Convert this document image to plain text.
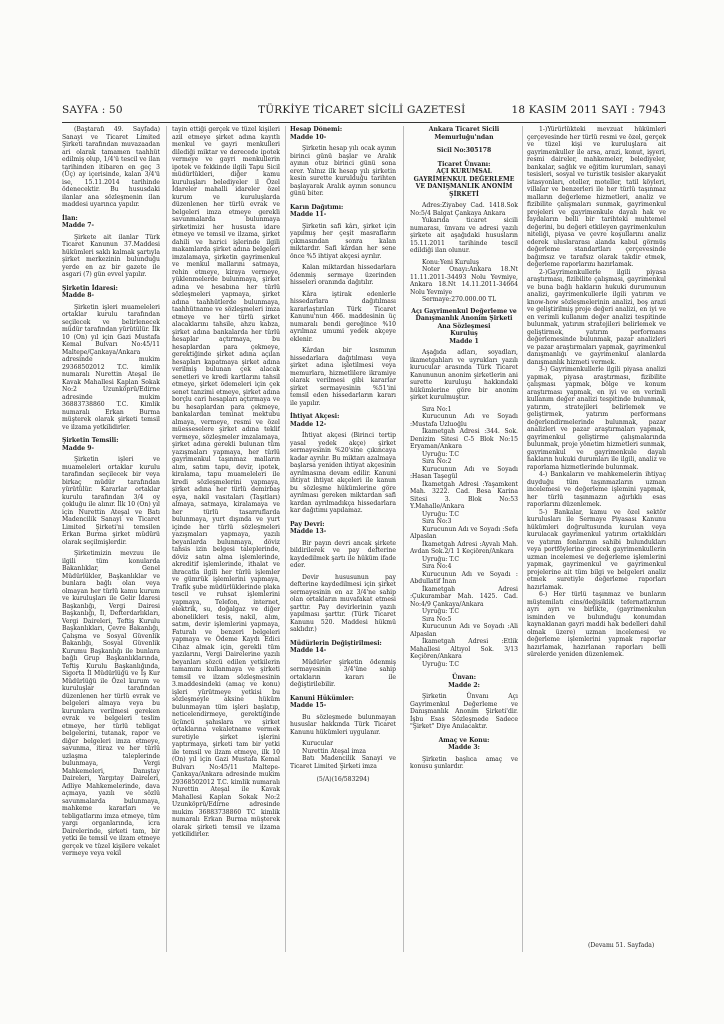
SAYFA : 50	TÜRKİYE TİCARET SİCİLİ GAZETESİ	18 KASIM 2011 SAYI : 7943

(Baştarafı 49. Sayfada) Sanayi ve Ticaret Limited Şirketi tarafından muvazaadan ari olarak tamamen taahhüt edilmiş olup, 1/4'ü tescil ve ilan tarihinden itibaren en geç 3 (Üç) ay içerisinde, kalan 3/4'ü ise, 15.11.2014 tarihinde ödenecektir. Bu hususdaki ilanlar ana sözleşmenin ilan maddesi uyarınca yapılır.

İlan:

Madde 7-

Şirkete ait ilanlar Türk Ticaret Kanunun 37.Maddesi hükümleri saklı kalmak şartıyla şirket merkezinin bulunduğu yerde en az bir gazete ile asgari (7) gün evvel yapılır.

Şirketin İdaresi:

Madde 8-

Şirketin işleri muameleleri ortaklar kurulu tarafından seçilecek ve belirlenecek müdür tarafından yürütülür. İlk 10 (On) yıl için Gazi Mustafa Kemal Bulvarı No:45/11 Maltepe/Çankaya/Ankara adresinde mukim 29368502012 T.C. kimlik numaralı Nurettin Ateşal ile Kavak Mahallesi Kaplan Sokak No:2 Uzunköprü/Edirne adresinde mukim 36883738860 T.C. Kimlik numaralı Erkan Burma müşterek olarak şirketi temsil ve ilzama yetkilidirler.

Şirketin Temsili:

Madde 9-

Şirketin işleri ve muameleleri ortaklar kurulu tarafından seçilecek bir veya birkaç müdür tarafından yürütülür. Kararlar ortaklar kurulu tarafından 3/4 oy çokluğu ile alınır. İlk 10 (On) yıl için Nurettin Ateşal ve Batı Madencilik Sanayi ve Ticaret Limited Şirketi'ni temsilen Erkan Burma şirket müdürü olarak seçilmişlerdir.

Şirketimizin mevzuu ile ilgili tüm konularda Bakanlıklar, Genel Müdürlükler, Başkanlıklar ve bunlara bağlı olan veya olmayan her türlü kamu kurum ve kuruluşları ile Gelir İdaresi Başkanlığı, Vergi Dairesi Başkanlığı, İl, Defterdarlıkları, Vergi Daireleri, Teftiş Kurulu Başkanlıkları, Çevre Bakanlığı, Çalışma ve Sosyal Güvenlik Bakanlığı, Sosyal Güvenlik Kurumu Başkanlığı ile bunlara bağlı Grup Başkanlıklarında, Teftiş Kurulu Başkanlığında, Sigorta İl Müdürlüğü ve İş Kur Müdürlüğü ile Özel kurum ve kuruluşlar tarafından düzenlenen her türlü evrak ve belgeleri almaya veya bu kurumlara verilmesi gereken evrak ve belgeleri teslim etmeye, her türlü tebligat belgelerini, tutanak, rapor ve diğer belgeleri imza etmeye, savunma, itiraz ve her türlü uzlaşma taleplerinde bulunmaya, Vergi Mahkemeleri, Danıştay Daireleri, Yargıtay Daireleri, Adliye Mahkemelerinde, dava açmaya, yazılı ve sözlü savunmalarda bulunmaya, mahkeme kararları ve tebligatlarını imza etmeye, tüm yargı organlarında, icra Dairelerinde, şirketi tam, bir yetki ile temsil ve ilzam etmeye gerçek ve tüzel kişilere vekalet vermeye veya vekil

tayin ettiği gerçek ve tüzel kişileri azil etmeye şirket adına kayıtlı menkul ve gayri menkulleri dilediği miktar ve derecede ipotek vermeye ve gayri menkullerin ipotek ve fekkinde ilgili Tapu Sicil müdürlükleri, diğer kamu kuruluşları belediyeler il Özel İdareler mahalli idareler özel kurum ve kuruluşlarda düzenlenen her türlü evrak ve belgeleri imza etmeye gerekli savunmalarda bulunmaya şirketimizi her hususta idare etmeye ve temsil ve ilzama, şirket dahili ve harici işlerinde ilgili makamlarda şirket adına belgeleri imzalamaya, şirketin gayrimenkul ve menkul mallarını satmaya, rehin etmeye, kiraya vermeye, yüklenmelerde bulunmaya, şirket adına ve hesabına her türlü sözleşmeleri yapmaya, şirket adına taahhütlerde bulunmaya, taahhütname ve sözleşmeleri imza etmeye ve her türlü şirket alacaklarını tahsile, ahzu kabza, şirket adına bankalarda her türlü hesaplar açtırmaya, bu hesaplardan para çekmeye, gerektiğinde şirket adına açılan hesapları kapatmaya şirket adına verilmiş bulunan çek alacak senetleri ve kredi kartlarını tahsil etmeye, şirket ödemeleri için çek senet tanzimi etmeye, şirket adına borçlu cari hesapları açtırmaya ve bu hesaplardan para çekmeye, bankalardan teminat mektubu almaya, vermeye, resmi ve özel müesseselere şirket adına teklif vermeye, sözleşmeler imzalamaya, şirket adına gerekli bulunan tüm yazışmaları yapmaya, her türlü gayrimenkul taşınmaz malların alım, satım tapu, devir, ipotek, kiralama, tapu muameleleri ile kredi sözleşmelerini yapmaya, şirket adına her türlü demirbaş eşya, nakil vasıtaları (Taşıtları) almaya, satmaya, kiralamaya ve her türlü tasarruflarda bulunmaya, yurt dışında ve yurt içinde her türlü sözleşmeleri yazışmaları yapmaya, yazılı beyanlarda bulunmaya, döviz tahsis izin belgesi taleplerinde, döviz satın alma işlemlerinde, akreditif işlemlerinde, ithalat ve ihracatla ilgili her türlü işlemler ve gümrük işlemlerini yapmaya, Trafik şube müdürlüklerinde plaka tescil ve ruhsat işlemlerini yapmaya, Telefon, internet, elektrik, su, doğalgaz ve diğer abonelikleri tesis, nakil, alım, satım, devir işlemlerini yapmaya, Faturalı ve benzeri belgeleri yapmaya ve Ödeme Kaydı Edici Cihaz almak için, gerekli tüm yazılarını, Vergi Dairelerine yazılı beyanları sözcü edilen yetkilerin tamamını kullanmaya ve şirketi temsil ve ilzam sözleşmesinin 3.maddesindeki (amaç ve konu) işleri yürütmeye yetkisi bu sözleşmeyle aksine hüküm bulunmayan tüm işleri başlatıp, neticelendirmeye, gerektiğinde üçüncü şahıslara ve şirket ortaklarına vekaletname vermek suretiyle şirket işlerini yaptırmaya, şirketi tam bir yetki ile temsil ve ilzam etmeye, ilk 10 (On) yıl için Gazi Mustafa Kemal Bulvarı No:45/11 Maltepe-Çankaya/Ankara adresinde mukim 29368502012 T.C. kimlik numaralı Nurettin Ateşal ile Kavak Mahallesi Kaplan Sokak No:2 Uzunköprü/Edirne adresinde mukim 36883738860 TC kimlik numaralı Erkan Burma müşterek olarak şirketi temsil ve ilzama yetkilidirler.

Hesap Dönemi:

Madde 10-

Şirketin hesap yılı ocak ayının birinci günü başlar ve Aralık ayının otuz birinci günü sona erer. Yalnız ilk hesap yılı şirketin kesin surette kurulduğu tarihten başlayarak Aralık ayının sonuncu günü biter.

Karın Dağıtımı:

Madde 11-

Şirketin safi kârı, şirket için yapılmış her çeşit masrafların çıkmasından sonra kalan miktardır. Safi kârdan her sene önce %5 ihtiyat akçesi ayrılır.

Kalan miktardan hissedarlara ödenmiş sermaye üzerinden hisseleri oranında dağıtılır.

Kâra iştirak edenlerle hissedarlara dağıtılması kararlaştırılan Türk Ticaret Kanunu'nun 466. maddesinin üç numaralı bendi gereğince %10 ayrılmaz umumi yedek akçeye eklenir.

Kârdan bir kısmının hissedarlara dağıtılması veya şirket adına işletilmesi veya memurlara, hizmetlilere ikramiye olarak verilmesi gibi kararlar şirket sermayesinin %51'ini temsil eden hissedarların kararı ile yapılır.

İhtiyat Akçesi:

Madde 12-

İhtiyat akçesi (Birinci tertip yasal yedek akçe) şirket sermayesinin %20'sine çıkıncaya kadar ayrılır. Bu miktarı azalmaya başlarsa yeniden ihtiyat akçesinin ayrılmasına devam edilir. Kanuni ihtiyat ihtiyat akçeleri ile kanun bu sözleşme hükümlerine göre ayrılması gereken miktardan safi kardan ayrılmadıkça hissedarlara kar dağıtımı yapılamaz.

Pay Devri:

Madde 13-

Bir payın devri ancak şirkete bildirilerek ve pay defterine kaydedilmek şartı ile hüküm ifade eder.

Devir hususunun pay defterine kaydedilmesi için şirket sermayesinin en az 3/4'ne sahip olan ortakların muvafakat etmesi şarttır. Pay devirlerinin yazılı yapılması şarttır. (Türk Ticaret Kanunu 520. Maddesi hükmü saklıdır.)

Müdürlerin Değiştirilmesi:

Madde 14-

Müdürler şirketin ödenmiş sermayesinin 3/4'üne sahip ortakların kararı ile değiştirilebilir.

Kanuni Hükümler:

Madde 15-

Bu sözleşmede bulunmayan hususlar hakkında Türk Ticaret Kanunu hükümleri uygulanır.

Kurucular

Nurettin Ateşal imza

Batı Madencilik Sanayi ve Ticaret Limited Şirketi imza

(5/A)(16/583294)

Ankara Ticaret Sicili Memurluğu'ndan

Sicil No:305178

Ticaret Ünvanı:

AÇI KURUMSAL GAYRİMENKUL DEĞERLEME VE DANIŞMANLIK ANONİM ŞİRKETİ

Adres:Ziyabey Cad. 1418.Sok No:5/4 Balgat Çankaya Ankara

Yukarıda ticaret sicili numarası, ünvanı ve adresi yazılı şirkete ait aşağıdaki hususların 15.11.2011 tarihinde tescil edildiği ilan olunur.

Konu:Yeni Kuruluş

Noter Onayı:Ankara 18.Nt 11.11.2011-34493 Nolu Yevmiye, Ankara 18.Nt 14.11.2011-34664 Nolu Yevmiye

Sermaye:270.000.00 TL

Açı Gayrimenkul Değerleme ve Danışmanlık Anonim Şirketi Ana Sözleşmesi

Kuruluş

Madde 1

Aşağıda adları, soyadları, ikametgahları ve uyrukları yazılı kurucular arasında Türk Ticaret Kanununun anonim şirketlerin ani surette kuruluşu hakkındaki hükümlerine göre bir anonim şirket kurulmuştur.

Sıra No:1

Kurucunun Adı ve Soyadı :Mustafa Uzluoğlu

İkametgah Adresi :344. Sok. Denizim Sitesi C-5 Blok No:15 Eryaman/Ankara

Uyruğu: T.C

Sıra No:2

Kurucunun Adı ve Soyadı :Hasan Taşegül

İkametgah Adresi :Yaşamkent Mah. 3222. Cad. Besa Karina Sitesi 3. Blok No:53 Y.Mahalle/Ankara

Uyruğu: T.C

Sıra No:3

Kurucunun Adı ve Soyadı :Sefa Alpaslan

İkametgah Adresi :Ayvalı Mah. Avdan Sok.2/1 1 Keçiören/Ankara

Uyruğu: T.C

Sıra No:4

Kurucunun Adı ve Soyadı : Abdullatif İnan

İkametgah Adresi :Çukurambar Mah. 1425. Cad. No:4/9 Çankaya/Ankara

Uyruğu: T.C

Sıra No:5

Kurucunun Adı ve Soyadı :Ali Alpaslan

İkametgah Adresi :Etlik Mahallesi Altıyol Sok. 3/13 Keçiören/Ankara

Uyruğu: T.C

Ünvan:

Madde 2:

Şirketin Ünvanı Açı Gayrimenkul Değerleme ve Danışmanlık Anonim Şirketi'dir. İşbu Esas Sözleşmede Sadece "Şirket" Diye Anılacaktır.

Amaç ve Konu:

Madde 3:

Şirketin başlıca amaç ve konusu şunlardır.

1-)Yürürlükteki mevzuat hükümleri çerçevesinde her türlü resmi ve özel, gerçek ve tüzel kişi ve kuruluşlara ait gayrimenkuller ile arsa, arazi, konut, işyeri, resmi daireler, mahkemeler, belediyeler, bankalar, sağlık ve eğitim kurumları, sanayi tesisleri, sosyal ve turistik tesisler akaryakıt istasyonları, oteller, moteller, tatil köyleri, villalar ve benzerleri ile her türlü taşınmaz malların değerleme hizmetleri, analiz ve fizibilite çalışmaları sunmak, gayrimenkul projeleri ve gayrimenkule dayalı hak ve faydaların belli bir tarihteki muhtemel değerini, bu değeri etkileyen gayrimenkulun niteliği, piyasa ve çevre koşullarını analiz ederek uluslararası alanda kabul görmüş değerleme standartları çerçevesinde bağımsız ve tarafsız olarak takdir etmek, değerleme raporlarını hazırlamak.

2-)Gayrimenkullerle ilgili piyasa araştırması, fizibilite çalışması, gayrimenkul ve buna bağlı hakların hukuki durumunun analizi, gayrimenkullerle ilgili yatırım ve know-how sözleşmelerinin analizi, boş arazi ve geliştirilmiş proje değeri analizi, en iyi ve en verimli kullanım değer analizi tespitinde bulunmak, yatırım stratejileri belirlemek ve geliştirmek, yatırım performans değerlemesinde bulunmak, pazar analizleri ve pazar araştırmaları yapmak, gayrimenkul danışmanlığı ve gayrimenkul alanlarda danışmanlık hizmeti vermek.

3-) Gayrimenkullerle ilgili piyasa analizi yapmak, piyasa araştırması, fizibilite çalışması yapmak, bölge ve konum araştırması yapmak, en iyi ve en verimli kullanım değer analizi tespitinde bulunmak, yatırım, stratejileri belirlemek ve geliştirmek, yatırım performans değerlendirmelerinde bulunmak, pazar analizleri ve pazar araştırmaları yapmak, gayrimenkul geliştirme çalışmalarında bulunmak, proje yönetim hizmetleri sunmak, gayrimenkul ve gayrimenkule dayalı hakların hukuki durumları ile ilgili, analiz ve raporlama hizmetlerinde bulunmak.

4-) Bankaların ve mahkemelerin ihtiyaç duyduğu tüm taşınmazların uzman incelemesi ve değerleme işlemini yapmak, her türlü taşınmazın ağırlıklı esas raporlarını düzenlemek.

5-) Bankalar, kamu ve özel sektör kurulusları ile Sermaye Piyasası Kanunu hükümleri doğrultusunda kurulan veya kurulacak gayrimenkul yatırım ortaklıkları ve yatırım fonlarının sahibi bulundukları veya portföylerine girecek gayrimenkullerin uzman incelemesi ve değerleme işlemlerini yapmak, gayrimenkul ve gayrimenkul projelerine ait tüm bilgi ve belgeleri analiz etmek suretiyle değerleme raporları hazırlamak.

6-) Her türlü taşınmaz ve bunların müştemilatı cins/değişiklik tefernatlarının ayrı ayrı ve birlikte, (gayrimenkulun isminden ve bulunduğu konumdan kaynaklanan gayri maddi hak bedelleri dahil olmak üzere) uzman incelemesi ve değerleme işlemlerini yapmak raporlar hazırlamak, hazırlanan raporları belli sürelerde yeniden düzenlemek.

(Devamı 51. Sayfada)
